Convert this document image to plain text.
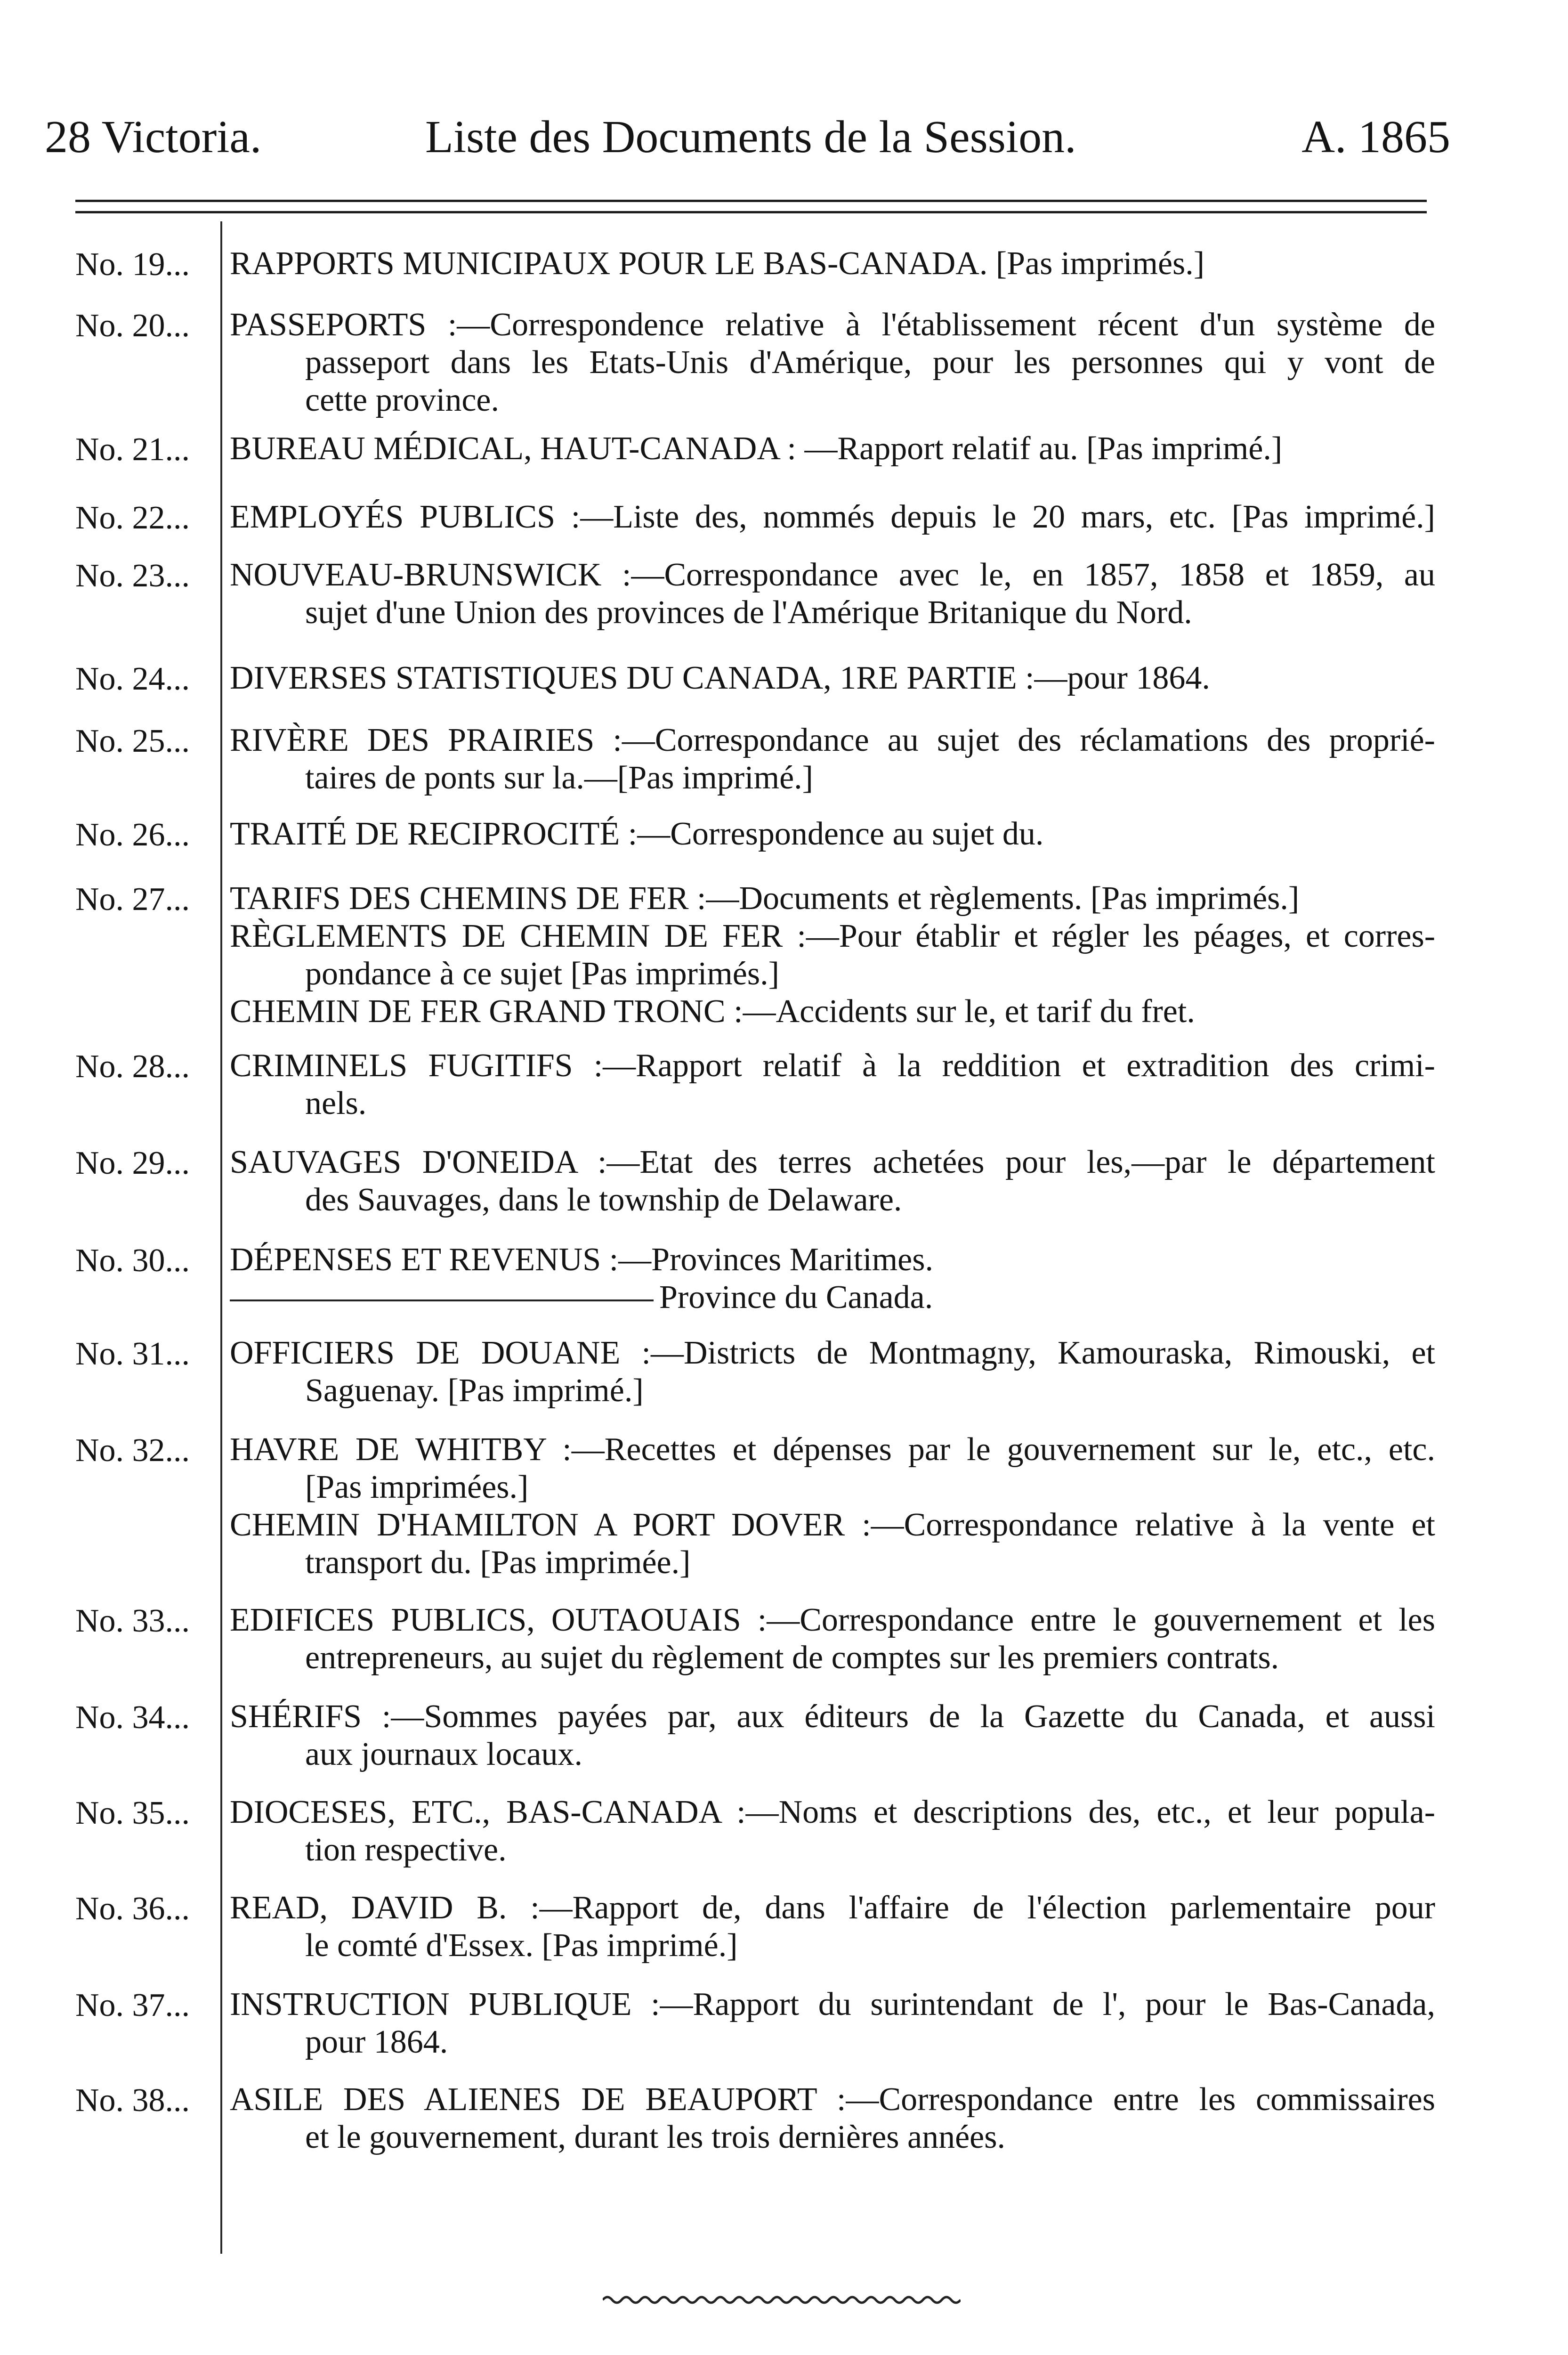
28 Victoria.	Liste des Documents de la Session.	A. 1865
No. 19...	RAPPORTS MUNICIPAUX POUR LE BAS-CANADA. [Pas imprimés.]
No. 20...	PASSEPORTS :—Correspondence relative à l'établissement récent d'un système de
passeport dans les Etats-Unis d'Amérique, pour les personnes qui y vont de
cette province.
No. 21...	BUREAU MÉDICAL, HAUT-CANADA : —Rapport relatif au. [Pas imprimé.]
No. 22...	EMPLOYÉS PUBLICS :—Liste des, nommés depuis le 20 mars, etc. [Pas imprimé.]
No. 23...	NOUVEAU-BRUNSWICK :—Correspondance avec le, en 1857, 1858 et 1859, au
sujet d'une Union des provinces de l'Amérique Britanique du Nord.
No. 24...	DIVERSES STATISTIQUES DU CANADA, 1RE PARTIE :—pour 1864.
No. 25...	RIVÈRE DES PRAIRIES :—Correspondance au sujet des réclamations des proprié-
taires de ponts sur la.—[Pas imprimé.]
No. 26...	TRAITÉ DE RECIPROCITÉ :—Correspondence au sujet du.
No. 27...	TARIFS DES CHEMINS DE FER :—Documents et règlements. [Pas imprimés.]
RÈGLEMENTS DE CHEMIN DE FER :—Pour établir et régler les péages, et corres-
pondance à ce sujet [Pas imprimés.]
CHEMIN DE FER GRAND TRONC :—Accidents sur le, et tarif du fret.
No. 28...	CRIMINELS FUGITIFS :—Rapport relatif à la reddition et extradition des crimi-
nels.
No. 29...	SAUVAGES D'ONEIDA :—Etat des terres achetées pour les,—par le département
des Sauvages, dans le township de Delaware.
No. 30...	DÉPENSES ET REVENUS :—Provinces Maritimes.
Province du Canada.
No. 31...	OFFICIERS DE DOUANE :—Districts de Montmagny, Kamouraska, Rimouski, et
Saguenay. [Pas imprimé.]
No. 32...	HAVRE DE WHITBY :—Recettes et dépenses par le gouvernement sur le, etc., etc.
[Pas imprimées.]
CHEMIN D'HAMILTON A PORT DOVER :—Correspondance relative à la vente et
transport du. [Pas imprimée.]
No. 33...	EDIFICES PUBLICS, OUTAOUAIS :—Correspondance entre le gouvernement et les
entrepreneurs, au sujet du règlement de comptes sur les premiers contrats.
No. 34...	SHÉRIFS :—Sommes payées par, aux éditeurs de la Gazette du Canada, et aussi
aux journaux locaux.
No. 35...	DIOCESES, ETC., BAS-CANADA :—Noms et descriptions des, etc., et leur popula-
tion respective.
No. 36...	READ, DAVID B. :—Rapport de, dans l'affaire de l'élection parlementaire pour
le comté d'Essex. [Pas imprimé.]
No. 37...	INSTRUCTION PUBLIQUE :—Rapport du surintendant de l', pour le Bas-Canada,
pour 1864.
No. 38...	ASILE DES ALIENES DE BEAUPORT :—Correspondance entre les commissaires
et le gouvernement, durant les trois dernières années.
